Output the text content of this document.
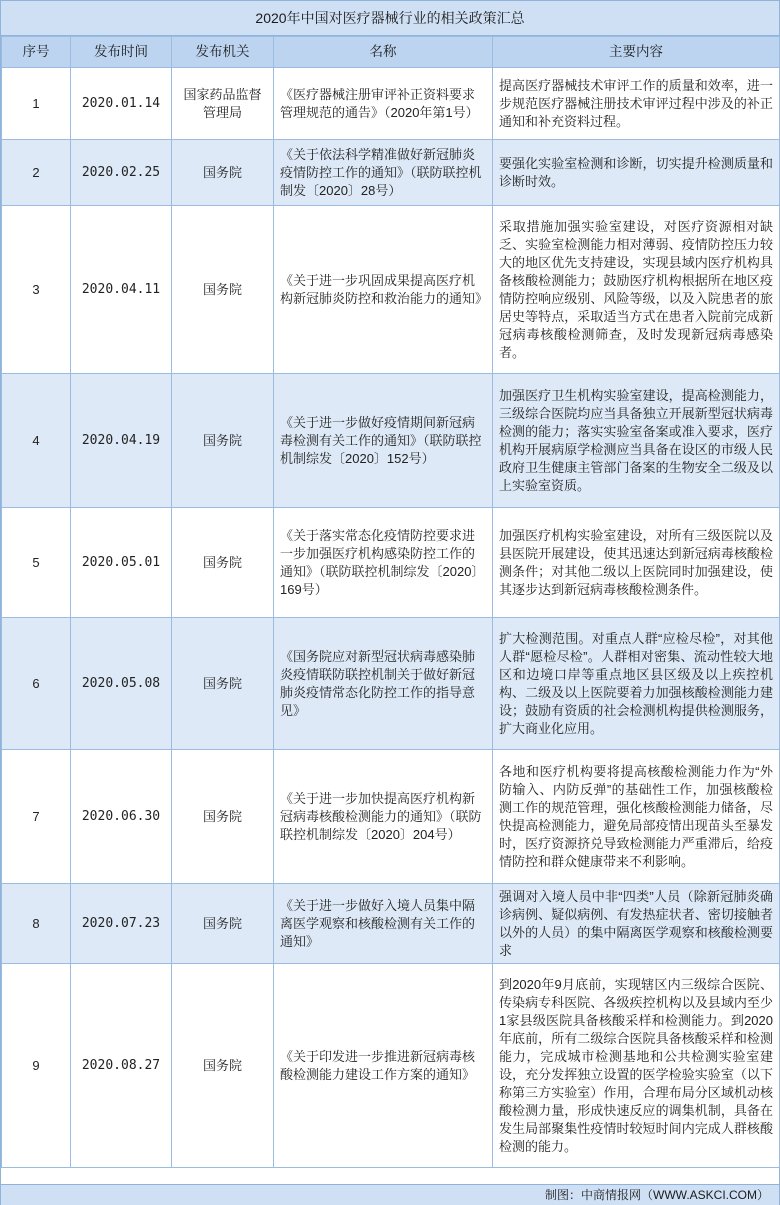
2020年中国对医疗器械行业的相关政策汇总
序号	发布时间	发布机关	名称	主要内容
1	2020.01.14	国家药品监督管理局	《医疗器械注册审评补正资料要求管理规范的通告》（2020年第1号）	提高医疗器械技术审评工作的质量和效率，进一步规范医疗器械注册技术审评过程中涉及的补正通知和补充资料过程。
2	2020.02.25	国务院	《关于依法科学精准做好新冠肺炎疫情防控工作的通知》（联防联控机制发〔2020〕28号）	要强化实验室检测和诊断，切实提升检测质量和诊断时效。
3	2020.04.11	国务院	《关于进一步巩固成果提高医疗机构新冠肺炎防控和救治能力的通知》	采取措施加强实验室建设，对医疗资源相对缺乏、实验室检测能力相对薄弱、疫情防控压力较大的地区优先支持建设，实现县域内医疗机构具备核酸检测能力；鼓励医疗机构根据所在地区疫情防控响应级别、风险等级，以及入院患者的旅居史等特点，采取适当方式在患者入院前完成新冠病毒核酸检测筛查，及时发现新冠病毒感染者。
4	2020.04.19	国务院	《关于进一步做好疫情期间新冠病毒检测有关工作的通知》（联防联控机制综发〔2020〕152号）	加强医疗卫生机构实验室建设，提高检测能力，三级综合医院均应当具备独立开展新型冠状病毒检测的能力；落实实验室备案或准入要求，医疗机构开展病原学检测应当具备在设区的市级人民政府卫生健康主管部门备案的生物安全二级及以上实验室资质。
5	2020.05.01	国务院	《关于落实常态化疫情防控要求进一步加强医疗机构感染防控工作的通知》（联防联控机制综发〔2020〕169号）	加强医疗机构实验室建设，对所有三级医院以及县医院开展建设，使其迅速达到新冠病毒核酸检测条件；对其他二级以上医院同时加强建设，使其逐步达到新冠病毒核酸检测条件。
6	2020.05.08	国务院	《国务院应对新型冠状病毒感染肺炎疫情联防联控机制关于做好新冠肺炎疫情常态化防控工作的指导意见》	扩大检测范围。对重点人群“应检尽检”，对其他人群“愿检尽检”。人群相对密集、流动性较大地区和边境口岸等重点地区县区级及以上疾控机构、二级及以上医院要着力加强核酸检测能力建设；鼓励有资质的社会检测机构提供检测服务，扩大商业化应用。
7	2020.06.30	国务院	《关于进一步加快提高医疗机构新冠病毒核酸检测能力的通知》（联防联控机制综发〔2020〕204号）	各地和医疗机构要将提高核酸检测能力作为“外防输入、内防反弹”的基础性工作，加强核酸检测工作的规范管理，强化核酸检测能力储备，尽快提高检测能力，避免局部疫情出现苗头至暴发时，医疗资源挤兑导致检测能力严重滞后，给疫情防控和群众健康带来不利影响。
8	2020.07.23	国务院	《关于进一步做好入境人员集中隔离医学观察和核酸检测有关工作的通知》	强调对入境人员中非“四类”人员（除新冠肺炎确诊病例、疑似病例、有发热症状者、密切接触者以外的人员）的集中隔离医学观察和核酸检测要求
9	2020.08.27	国务院	《关于印发进一步推进新冠病毒核酸检测能力建设工作方案的通知》	到2020年9月底前，实现辖区内三级综合医院、传染病专科医院、各级疾控机构以及县域内至少1家县级医院具备核酸采样和检测能力。到2020年底前，所有二级综合医院具备核酸采样和检测能力，完成城市检测基地和公共检测实验室建设，充分发挥独立设置的医学检验实验室（以下称第三方实验室）作用，合理布局分区域机动核酸检测力量，形成快速反应的调集机制，具备在发生局部聚集性疫情时较短时间内完成人群核酸检测的能力。
制图：中商情报网（WWW.ASKCI.COM）
